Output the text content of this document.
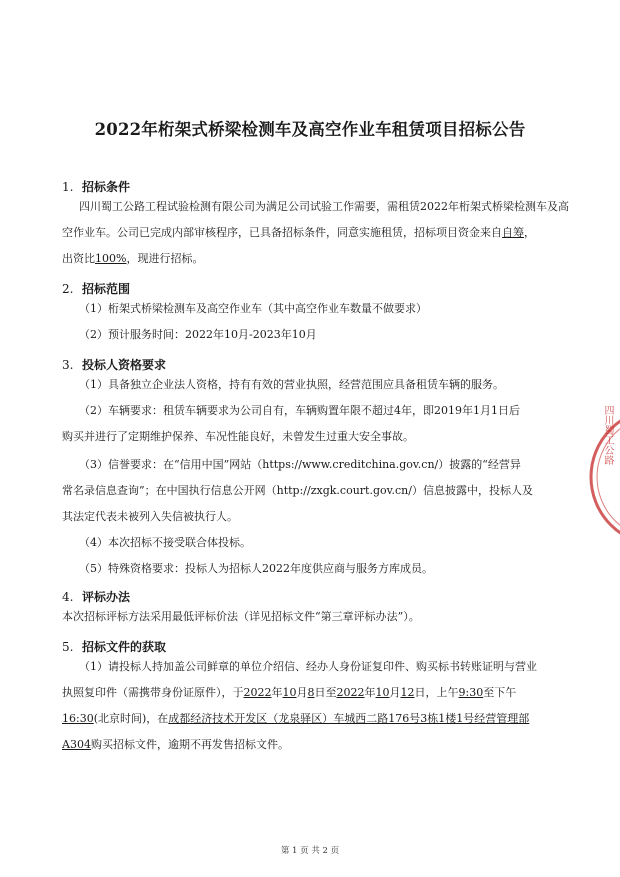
2022年桁架式桥梁检测车及高空作业车租赁项目招标公告
1. 招标条件
四川蜀工公路工程试验检测有限公司为满足公司试验工作需要，需租赁2022年桁架式桥梁检测车及高
空作业车。公司已完成内部审核程序，已具备招标条件，同意实施租赁，招标项目资金来自自筹，
出资比100%，现进行招标。
2. 招标范围
（1）桁架式桥梁检测车及高空作业车（其中高空作业车数量不做要求）
（2）预计服务时间：2022年10月-2023年10月
3. 投标人资格要求
（1）具备独立企业法人资格，持有有效的营业执照，经营范围应具备租赁车辆的服务。
（2）车辆要求：租赁车辆要求为公司自有，车辆购置年限不超过4年，即2019年1月1日后
购买并进行了定期维护保养、车况性能良好，未曾发生过重大安全事故。
（3）信誉要求：在“信用中国”网站（https://www.creditchina.gov.cn/）披露的“经营异
常名录信息查询”；在中国执行信息公开网（http://zxgk.court.gov.cn/）信息披露中，投标人及
其法定代表未被列入失信被执行人。
（4）本次招标不接受联合体投标。
（5）特殊资格要求：投标人为招标人2022年度供应商与服务方库成员。
4. 评标办法
本次招标评标方法采用最低评标价法（详见招标文件“第三章评标办法”）。
5. 招标文件的获取
（1）请投标人持加盖公司鲜章的单位介绍信、经办人身份证复印件、购买标书转账证明与营业
执照复印件（需携带身份证原件），于2022年10月8日至2022年10月12日，上午9:30至下午
16:30(北京时间)，在成都经济技术开发区（龙泉驿区）车城西二路176号3栋1楼1号经营管理部
A304购买招标文件，逾期不再发售招标文件。
四川蜀工公路
第 1 页 共 2 页
